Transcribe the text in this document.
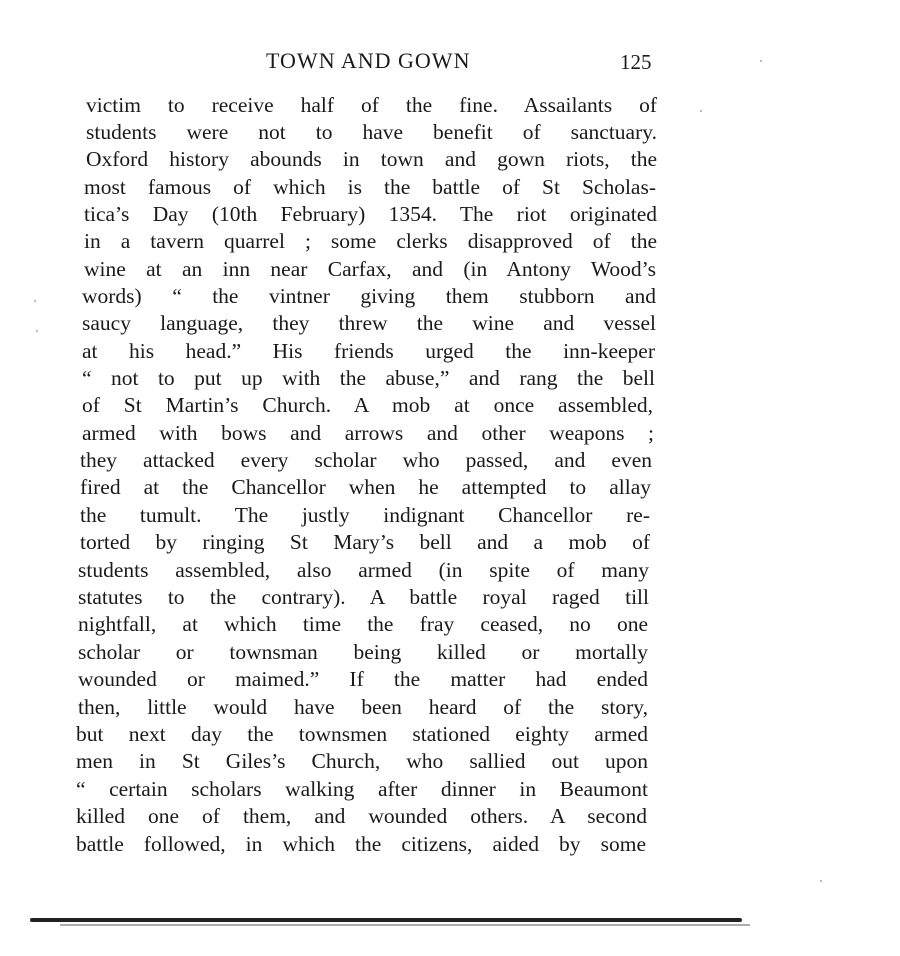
TOWN AND GOWN	125
victim to receive half of the fine. Assailants of
students were not to have benefit of sanctuary.
Oxford history abounds in town and gown riots, the
most famous of which is the battle of St Scholas-
tica’s Day (10th February) 1354. The riot originated
in a tavern quarrel ; some clerks disapproved of the
wine at an inn near Carfax, and (in Antony Wood’s
words) “ the vintner giving them stubborn and
saucy language, they threw the wine and vessel
at his head.” His friends urged the inn-keeper
“ not to put up with the abuse,” and rang the bell
of St Martin’s Church. A mob at once assembled,
armed with bows and arrows and other weapons ;
they attacked every scholar who passed, and even
fired at the Chancellor when he attempted to allay
the tumult. The justly indignant Chancellor re-
torted by ringing St Mary’s bell and a mob of
students assembled, also armed (in spite of many
statutes to the contrary). A battle royal raged till
nightfall, at which time the fray ceased, no one
scholar or townsman being killed or mortally
wounded or maimed.” If the matter had ended
then, little would have been heard of the story,
but next day the townsmen stationed eighty armed
men in St Giles’s Church, who sallied out upon
“ certain scholars walking after dinner in Beaumont
killed one of them, and wounded others. A second
battle followed, in which the citizens, aided by some
